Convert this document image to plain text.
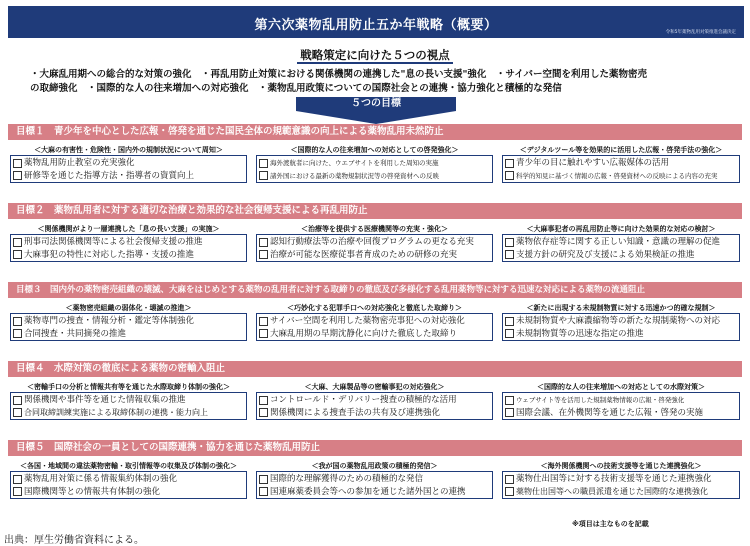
第六次薬物乱用防止五か年戦略（概要）	令和5年薬物乱用対策推進会議決定
戦略策定に向けた５つの視点
・大麻乱用期への総合的な対策の強化　・再乱用防止対策における関係機関の連携した"息の長い支援"強化　・サイバー空間を利用した薬物密売
の取締強化　・国際的な人の往来増加への対応強化　・薬物乱用政策についての国際社会との連携・協力強化と積極的な発信
５つの目標
目標１　青少年を中心とした広報・啓発を通じた国民全体の規範意識の向上による薬物乱用未然防止
＜大麻の有害性・危険性・国内外の規制状況について周知＞
薬物乱用防止教室の充実強化
研修等を通じた指導方法・指導者の資質向上
＜国際的な人の往来増加への対応としての啓発強化＞
海外渡航者に向けた、ウエブサイトを利用した周知の実施
諸外国における最新の薬物規制状況等の啓発資材への反映
＜デジタルツール等を効果的に活用した広報・啓発手法の強化＞
青少年の目に触れやすい広報媒体の活用
科学的知見に基づく情報の広報・啓発資材への反映による内容の充実
目標２　薬物乱用者に対する適切な治療と効果的な社会復帰支援による再乱用防止
＜関係機関がより一層連携した「息の長い支援」の実施＞
刑事司法関係機関等による社会復帰支援の推進
大麻事犯の特性に対応した指導・支援の推進
＜治療等を提供する医療機関等の充実・強化＞
認知行動療法等の治療や回復プログラムの更なる充実
治療が可能な医療従事者育成のための研修の充実
＜大麻事犯者の再乱用防止等に向けた効果的な対応の検討＞
薬物依存症等に関する正しい知識・意識の理解の促進
支援方針の研究及び支援による効果検証の推進
目標３　国内外の薬物密売組織の壊滅、大麻をはじめとする薬物の乱用者に対する取締りの徹底及び多様化する乱用薬物等に対する迅速な対応による薬物の流通阻止
＜薬物密売組織の弱体化・壊滅の推進＞
薬物専門の捜査・情報分析・鑑定等体制強化
合同捜査・共同摘発の推進
＜巧妙化する犯罪手口への対応強化と徹底した取締り＞
サイバー空間を利用した薬物密売事犯への対応強化
大麻乱用期の早期沈静化に向けた徹底した取締り
＜新たに出現する未規制物質に対する迅速かつ的確な規制＞
未規制物質や大麻濃縮物等の新たな規制薬物への対応
未規制物質等の迅速な指定の推進
目標４　水際対策の徹底による薬物の密輸入阻止
＜密輸手口の分析と情報共有等を通じた水際取締り体制の強化＞
関係機関や事件等を通じた情報収集の推進
合同取締訓練実施による取締体制の連携・能力向上
＜大麻、大麻製品等の密輸事犯の対応強化＞
コントロールド・デリバリー捜査の積極的な活用
関係機関による捜査手法の共有及び連携強化
＜国際的な人の往来増加への対応としての水際対策＞
ウェブサイト等を活用した規制薬物情報の広報・啓発強化
国際会議、在外機関等を通じた広報・啓発の実施
目標５　国際社会の一員としての国際連携・協力を通じた薬物乱用防止
＜各国・地域間の違法薬物密輸・取引情報等の収集及び体制の強化＞
薬物乱用対策に係る情報集約体制の強化
国際機関等との情報共有体制の強化
＜我が国の薬物乱用政策の積極的発信＞
国際的な理解獲得のための積極的な発信
国連麻薬委員会等への参加を通じた諸外国との連携
＜海外関係機関への技術支援等を通じた連携強化＞
薬物仕出国等に対する技術支援等を通じた連携強化
薬物仕出国等への職員派遣を通じた国際的な連携強化
※項目は主なものを記載
出典：厚生労働省資料による。
